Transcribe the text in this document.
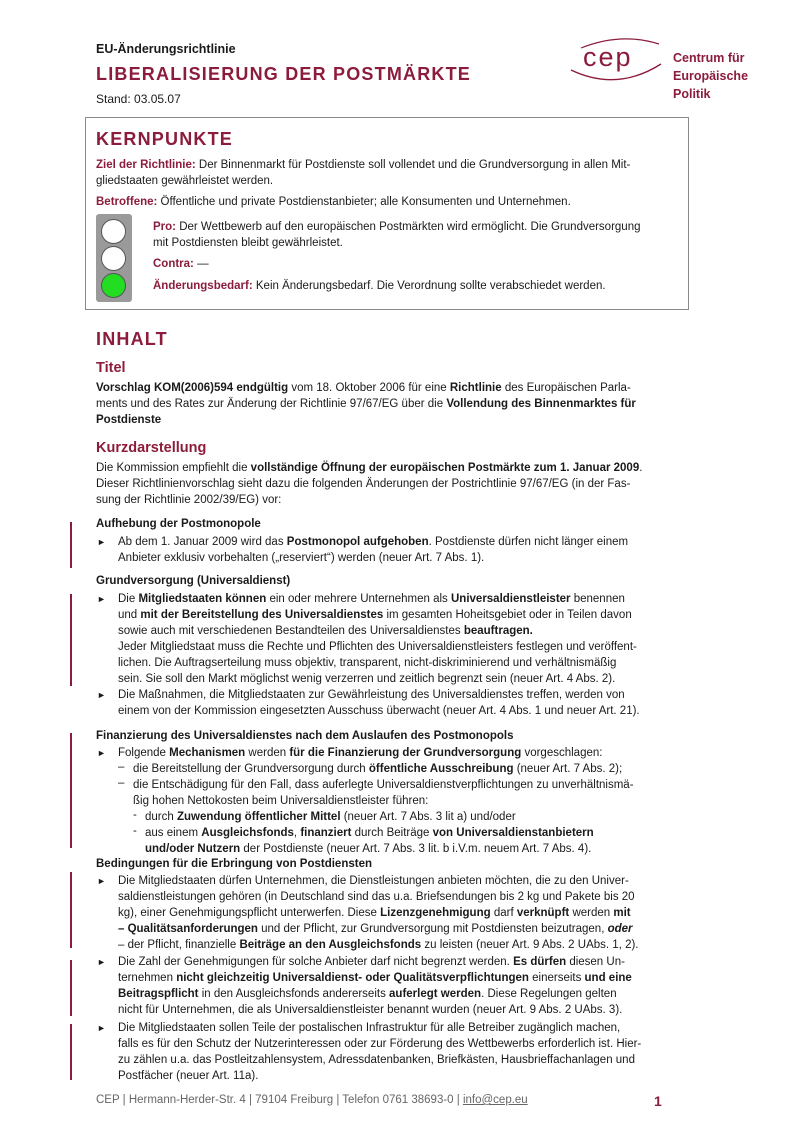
EU-Änderungsrichtlinie
LIBERALISIERUNG DER POSTMÄRKTE
Stand: 03.05.07
cep	Centrum für
Europäische
Politik
KERNPUNKTE
Ziel der Richtlinie: Der Binnenmarkt für Postdienste soll vollendet und die Grundversorgung in allen Mit-
gliedstaaten gewährleistet werden.
Betroffene: Öffentliche und private Postdienstanbieter; alle Konsumenten und Unternehmen.
Pro: Der Wettbewerb auf den europäischen Postmärkten wird ermöglicht. Die Grundversorgung
mit Postdiensten bleibt gewährleistet.
Contra: —
Änderungsbedarf: Kein Änderungsbedarf. Die Verordnung sollte verabschiedet werden.
INHALT
Titel
Vorschlag KOM(2006)594 endgültig vom 18. Oktober 2006 für eine Richtlinie des Europäischen Parla-
ments und des Rates zur Änderung der Richtlinie 97/67/EG über die Vollendung des Binnenmarktes für
Postdienste
Kurzdarstellung
Die Kommission empfiehlt die vollständige Öffnung der europäischen Postmärkte zum 1. Januar 2009.
Dieser Richtlinienvorschlag sieht dazu die folgenden Änderungen der Postrichtlinie 97/67/EG (in der Fas-
sung der Richtlinie 2002/39/EG) vor:
Aufhebung der Postmonopole
► Ab dem 1. Januar 2009 wird das Postmonopol aufgehoben. Postdienste dürfen nicht länger einem
Anbieter exklusiv vorbehalten („reserviert“) werden (neuer Art. 7 Abs. 1).
Grundversorgung (Universaldienst)
► Die Mitgliedstaaten können ein oder mehrere Unternehmen als Universaldienstleister benennen
und mit der Bereitstellung des Universaldienstes im gesamten Hoheitsgebiet oder in Teilen davon
sowie auch mit verschiedenen Bestandteilen des Universaldienstes beauftragen.
Jeder Mitgliedstaat muss die Rechte und Pflichten des Universaldienstleisters festlegen und veröffent-
lichen. Die Auftragserteilung muss objektiv, transparent, nicht-diskriminierend und verhältnismäßig
sein. Sie soll den Markt möglichst wenig verzerren und zeitlich begrenzt sein (neuer Art. 4 Abs. 2).
► Die Maßnahmen, die Mitgliedstaaten zur Gewährleistung des Universaldienstes treffen, werden von
einem von der Kommission eingesetzten Ausschuss überwacht (neuer Art. 4 Abs. 1 und neuer Art. 21).
Finanzierung des Universaldienstes nach dem Auslaufen des Postmonopols
► Folgende Mechanismen werden für die Finanzierung der Grundversorgung vorgeschlagen:
– die Bereitstellung der Grundversorgung durch öffentliche Ausschreibung (neuer Art. 7 Abs. 2);
– die Entschädigung für den Fall, dass auferlegte Universaldienstverpflichtungen zu unverhältnismä-
ßig hohen Nettokosten beim Universaldienstleister führen:
- durch Zuwendung öffentlicher Mittel (neuer Art. 7 Abs. 3 lit a) und/oder
- aus einem Ausgleichsfonds, finanziert durch Beiträge von Universaldienstanbietern
und/oder Nutzern der Postdienste (neuer Art. 7 Abs. 3 lit. b i.V.m. neuem Art. 7 Abs. 4).
Bedingungen für die Erbringung von Postdiensten
► Die Mitgliedstaaten dürfen Unternehmen, die Dienstleistungen anbieten möchten, die zu den Univer-
saldienstleistungen gehören (in Deutschland sind das u.a. Briefsendungen bis 2 kg und Pakete bis 20
kg), einer Genehmigungspflicht unterwerfen. Diese Lizenzgenehmigung darf verknüpft werden mit
– Qualitätsanforderungen und der Pflicht, zur Grundversorgung mit Postdiensten beizutragen, oder
– der Pflicht, finanzielle Beiträge an den Ausgleichsfonds zu leisten (neuer Art. 9 Abs. 2 UAbs. 1, 2).
► Die Zahl der Genehmigungen für solche Anbieter darf nicht begrenzt werden. Es dürfen diesen Un-
ternehmen nicht gleichzeitig Universaldienst- oder Qualitätsverpflichtungen einerseits und eine
Beitragspflicht in den Ausgleichsfonds andererseits auferlegt werden. Diese Regelungen gelten
nicht für Unternehmen, die als Universaldienstleister benannt wurden (neuer Art. 9 Abs. 2 UAbs. 3).
► Die Mitgliedstaaten sollen Teile der postalischen Infrastruktur für alle Betreiber zugänglich machen,
falls es für den Schutz der Nutzerinteressen oder zur Förderung des Wettbewerbs erforderlich ist. Hier-
zu zählen u.a. das Postleitzahlensystem, Adressdatenbanken, Briefkästen, Hausbrieffachanlagen und
Postfächer (neuer Art. 11a).
CEP | Hermann-Herder-Str. 4 | 79104 Freiburg | Telefon 0761 38693-0 | info@cep.eu	1
